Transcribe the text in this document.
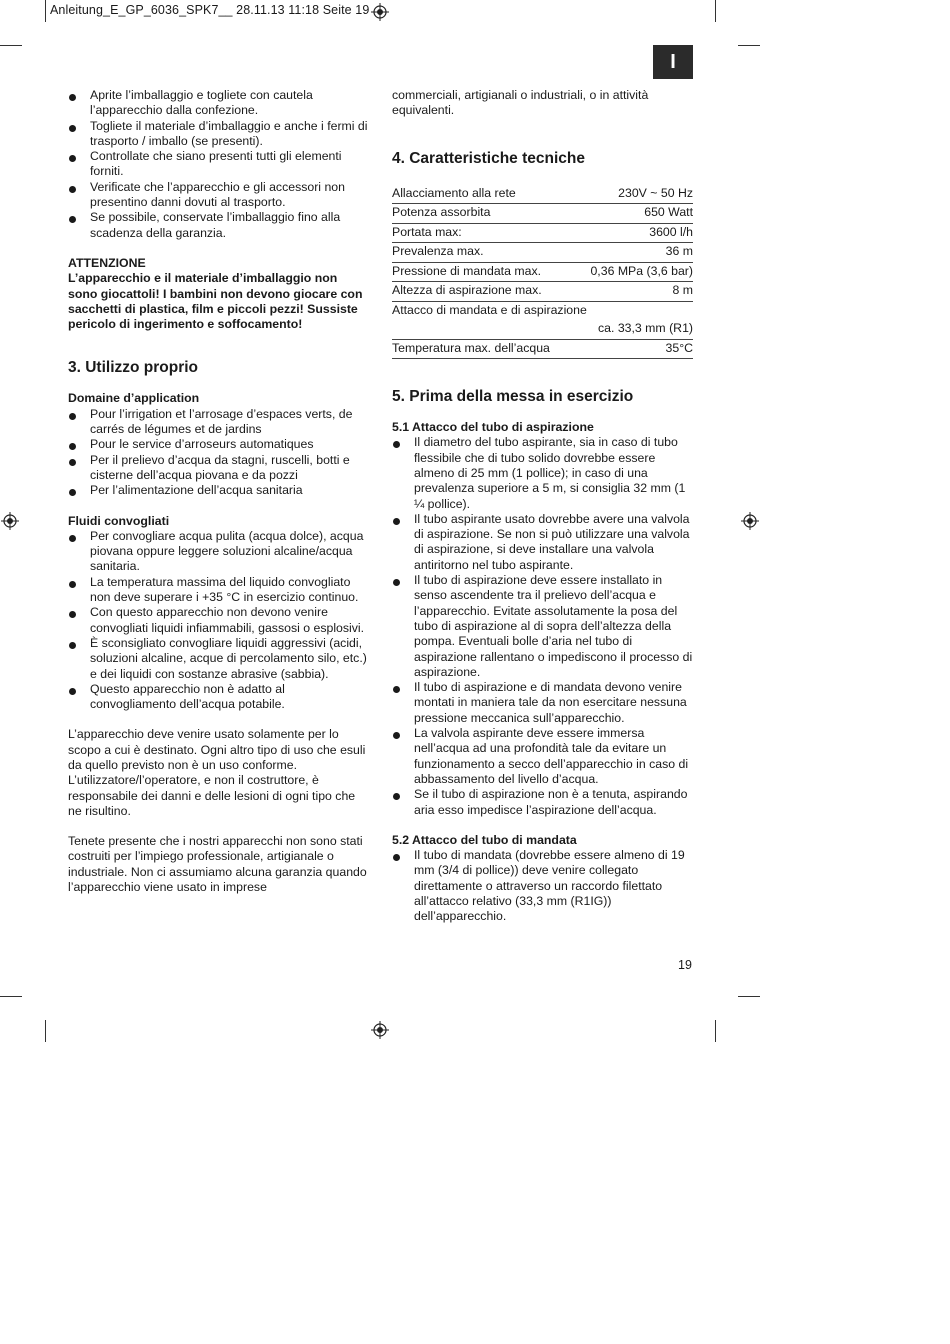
Anleitung_E_GP_6036_SPK7__ 28.11.13 11:18 Seite 19
I
Aprite l’imballaggio e togliete con cautela l’apparecchio dalla confezione.
Togliete il materiale d’imballaggio e anche i fermi di trasporto / imballo (se presenti).
Controllate che siano presenti tutti gli elementi forniti.
Verificate che l’apparecchio e gli accessori non presentino danni dovuti al trasporto.
Se possibile, conservate l’imballaggio fino alla scadenza della garanzia.

ATTENZIONE

L’apparecchio e il materiale d’imballaggio non sono giocattoli! I bambini non devono giocare con sacchetti di plastica, film e piccoli pezzi! Sussiste pericolo di ingerimento e soffocamento!

3. Utilizzo proprio

Domaine d’application

Pour l’irrigation et l’arrosage d’espaces verts, de carrés de légumes et de jardins
Pour le service d’arroseurs automatiques
Per il prelievo d’acqua da stagni, ruscelli, botti e cisterne dell’acqua piovana e da pozzi
Per l’alimentazione dell’acqua sanitaria

Fluidi convogliati

Per convogliare acqua pulita (acqua dolce), acqua piovana oppure leggere soluzioni alcaline/acqua sanitaria.
La temperatura massima del liquido convogliato non deve superare i +35 °C in esercizio continuo.
Con questo apparecchio non devono venire convogliati liquidi infiammabili, gassosi o esplosivi.
È sconsigliato convogliare liquidi aggressivi (acidi, soluzioni alcaline, acque di percolamento silo, etc.) e dei liquidi con sostanze abrasive (sabbia).
Questo apparecchio non è adatto al convogliamento dell’acqua potabile.

L’apparecchio deve venire usato solamente per lo scopo a cui è destinato. Ogni altro tipo di uso che esuli da quello previsto non è un uso conforme. L’utilizzatore/l’operatore, e non il costruttore, è responsabile dei danni e delle lesioni di ogni tipo che ne risultino.

Tenete presente che i nostri apparecchi non sono stati costruiti per l’impiego professionale, artigianale o industriale. Non ci assumiamo alcuna garanzia quando l’apparecchio viene usato in imprese

commerciali, artigianali o industriali, o in attività equivalenti.

4. Caratteristiche tecniche
Allacciamento alla rete	230V ~ 50 Hz
Potenza assorbita	650 Watt
Portata max:	3600 l/h
Prevalenza max.	36 m
Pressione di mandata max.	0,36 MPa (3,6 bar)
Altezza di aspirazione max.	8 m
Attacco di mandata e di aspirazione	
ca. 33,3 mm (R1)	
Temperatura max. dell’acqua	35°C
5. Prima della messa in esercizio

5.1 Attacco del tubo di aspirazione

Il diametro del tubo aspirante, sia in caso di tubo flessibile che di tubo solido dovrebbe essere almeno di 25 mm (1 pollice); in caso di una prevalenza superiore a 5 m, si consiglia 32 mm (1 ¼ pollice).
Il tubo aspirante usato dovrebbe avere una valvola di aspirazione. Se non si può utilizzare una valvola di aspirazione, si deve installare una valvola antiritorno nel tubo aspirante.
Il tubo di aspirazione deve essere installato in senso ascendente tra il prelievo dell’acqua e l’apparecchio. Evitate assolutamente la posa del tubo di aspirazione al di sopra dell’altezza della pompa. Eventuali bolle d’aria nel tubo di aspirazione rallentano o impediscono il processo di aspirazione.
Il tubo di aspirazione e di mandata devono venire montati in maniera tale da non esercitare nessuna pressione meccanica sull’apparecchio.
La valvola aspirante deve essere immersa nell’acqua ad una profondità tale da evitare un funzionamento a secco dell’apparecchio in caso di abbassamento del livello d’acqua.
Se il tubo di aspirazione non è a tenuta, aspirando aria esso impedisce l’aspirazione dell’acqua.

5.2 Attacco del tubo di mandata

Il tubo di mandata (dovrebbe essere almeno di 19 mm (3/4 di pollice)) deve venire collegato direttamente o attraverso un raccordo filettato all’attacco relativo (33,3 mm (R1IG)) dell’apparecchio.
19
